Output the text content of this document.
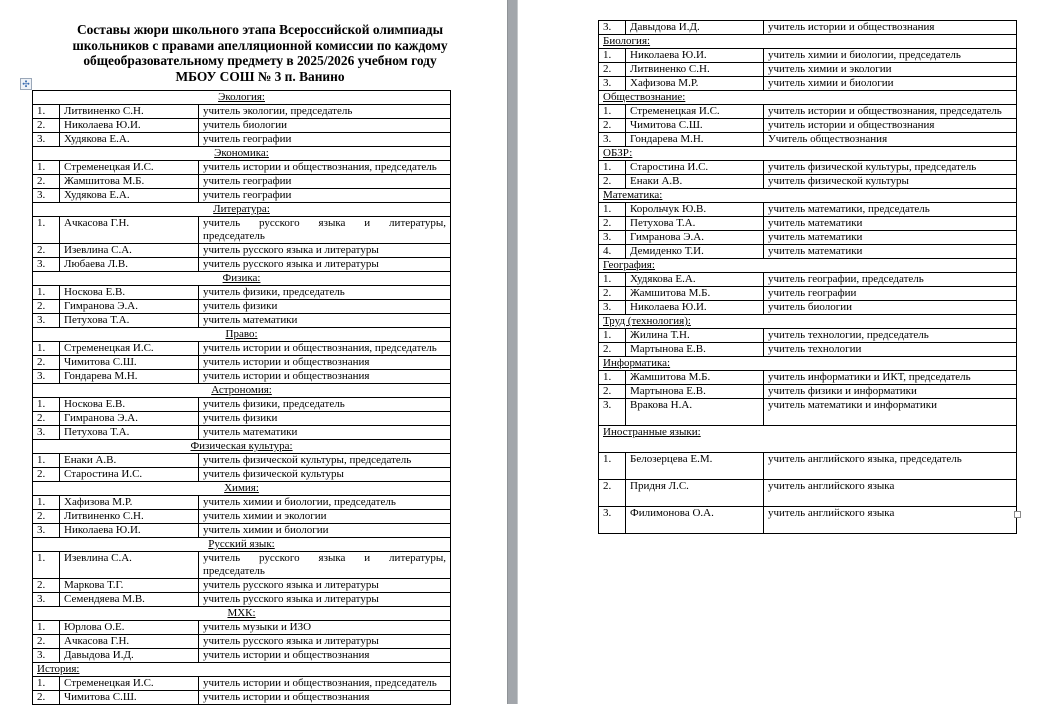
Составы жюри школьного этапа Всероссийской олимпиады
школьников с правами апелляционной комиссии по каждому
общеобразовательному предмету в 2025/2026 учебном году
МБОУ СОШ № 3 п. Ванино
✣
Экология:		
1.	Литвиненко С.Н.	учитель экологии, председатель
2.	Николаева Ю.И.	учитель биологии
3.	Худякова Е.А.	учитель географии
Экономика:		
1.	Стременецкая И.С.	учитель истории и обществознания, председатель
2.	Жамшитова М.Б.	учитель географии
3.	Худякова Е.А.	учитель географии
Литература:		
1.	Ачкасова Г.Н.	учитель русского языка и литературы, председатель
2.	Изевлина С.А.	учитель русского языка и литературы
3.	Любаева Л.В.	учитель русского языка и литературы
Физика:		
1.	Носкова Е.В.	учитель физики, председатель
2.	Гимранова Э.А.	учитель физики
3.	Петухова Т.А.	учитель математики
Право:		
1.	Стременецкая И.С.	учитель истории и обществознания, председатель
2.	Чимитова С.Ш.	учитель истории и обществознания
3.	Гондарева М.Н.	учитель истории и обществознания
Астрономия:		
1.	Носкова Е.В.	учитель физики, председатель
2.	Гимранова Э.А.	учитель физики
3.	Петухова Т.А.	учитель математики
Физическая культура:		
1.	Енаки А.В.	учитель физической культуры, председатель
2.	Старостина И.С.	учитель физической культуры
Химия:		
1.	Хафизова М.Р.	учитель химии и биологии, председатель
2.	Литвиненко С.Н.	учитель химии и экологии
3.	Николаева Ю.И.	учитель химии и биологии
Русский язык:		
1.	Изевлина С.А.	учитель русского языка и литературы, председатель
2.	Маркова Т.Г.	учитель русского языка и литературы
3.	Семендяева М.В.	учитель русского языка и литературы
МХК:		
1.	Юрлова О.Е.	учитель музыки и ИЗО
2.	Ачкасова Г.Н.	учитель русского языка и литературы
3.	Давыдова И.Д.	учитель истории и обществознания
История:		
1.	Стременецкая И.С.	учитель истории и обществознания, председатель
2.	Чимитова С.Ш.	учитель истории и обществознания
3.	Давыдова И.Д.	учитель истории и обществознания
Биология:		
1.	Николаева Ю.И.	учитель химии и биологии, председатель
2.	Литвиненко С.Н.	учитель химии и экологии
3.	Хафизова М.Р.	учитель химии и биологии
Обществознание:		
1.	Стременецкая И.С.	учитель истории и обществознания, председатель
2.	Чимитова С.Ш.	учитель истории и обществознания
3.	Гондарева М.Н.	Учитель обществознания
ОБЗР:		
1.	Старостина И.С.	учитель физической культуры, председатель
2.	Енаки А.В.	учитель физической культуры
Математика:		
1.	Корольчук Ю.В.	учитель математики, председатель
2.	Петухова Т.А.	учитель математики
3.	Гимранова Э.А.	учитель математики
4.	Демиденко Т.И.	учитель математики
География:		
1.	Худякова Е.А.	учитель географии, председатель
2.	Жамшитова М.Б.	учитель географии
3.	Николаева Ю.И.	учитель биологии
Труд (технология):		
1.	Жилина Т.Н.	учитель технологии, председатель
2.	Мартынова Е.В.	учитель технологии
Информатика:		
1.	Жамшитова М.Б.	учитель информатики и ИКТ, председатель
2.	Мартынова Е.В.	учитель физики и информатики
3.	Вракова Н.А.	учитель математики и информатики
Иностранные языки:		
1.	Белозерцева Е.М.	учитель английского языка, председатель
2.	Придня Л.С.	учитель английского языка
3.	Филимонова О.А.	учитель английского языка
